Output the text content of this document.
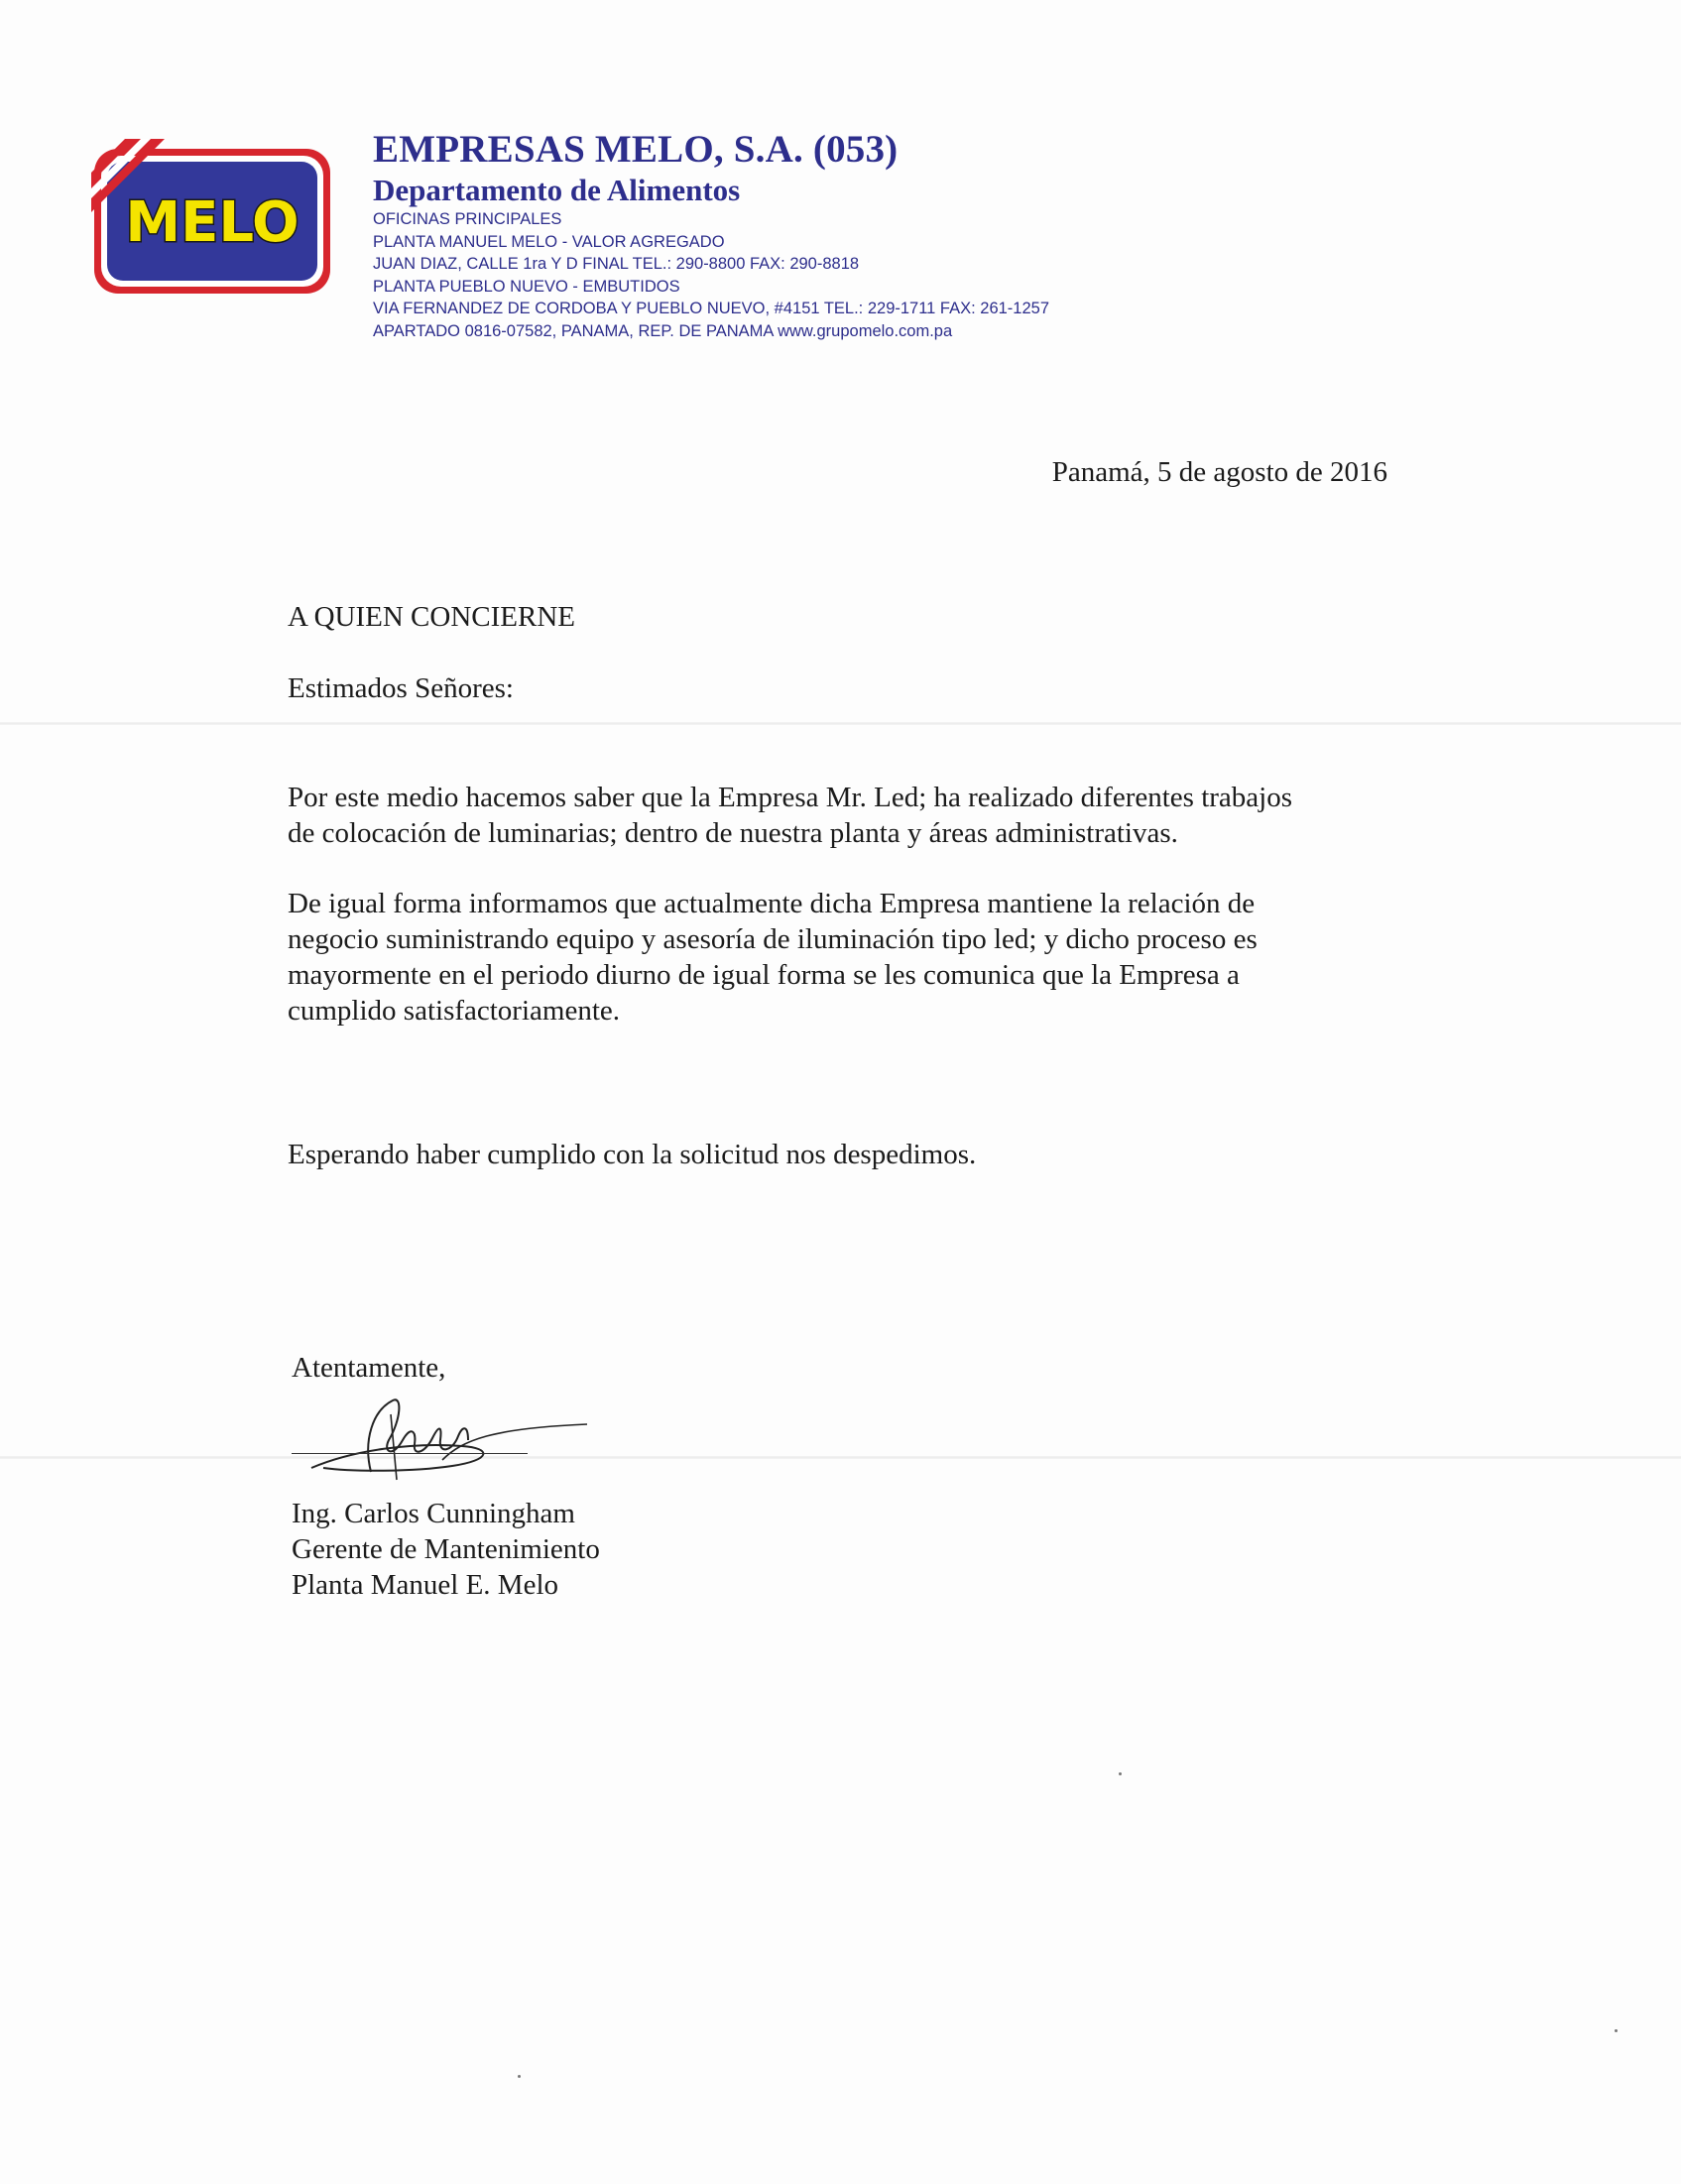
MELO
EMPRESAS MELO, S.A. (053)
Departamento de Alimentos
OFICINAS PRINCIPALES
PLANTA MANUEL MELO - VALOR AGREGADO
JUAN DIAZ, CALLE 1ra Y D FINAL TEL.: 290-8800 FAX: 290-8818
PLANTA PUEBLO NUEVO - EMBUTIDOS
VIA FERNANDEZ DE CORDOBA Y PUEBLO NUEVO, #4151 TEL.: 229-1711 FAX: 261-1257
APARTADO 0816-07582, PANAMA, REP. DE PANAMA www.grupomelo.com.pa
Panamá, 5 de agosto de 2016
A QUIEN CONCIERNE
Estimados Señores:
Por este medio hacemos saber que la Empresa Mr. Led; ha realizado diferentes trabajos
de colocación de luminarias; dentro de nuestra planta y áreas administrativas.
De igual forma informamos que actualmente dicha Empresa mantiene la relación de
negocio suministrando equipo y asesoría de iluminación tipo led; y dicho proceso es
mayormente en el periodo diurno de igual forma se les comunica que la Empresa a
cumplido satisfactoriamente.
Esperando haber cumplido con la solicitud nos despedimos.
Atentamente,
Ing. Carlos Cunningham
Gerente de Mantenimiento
Planta Manuel E. Melo
